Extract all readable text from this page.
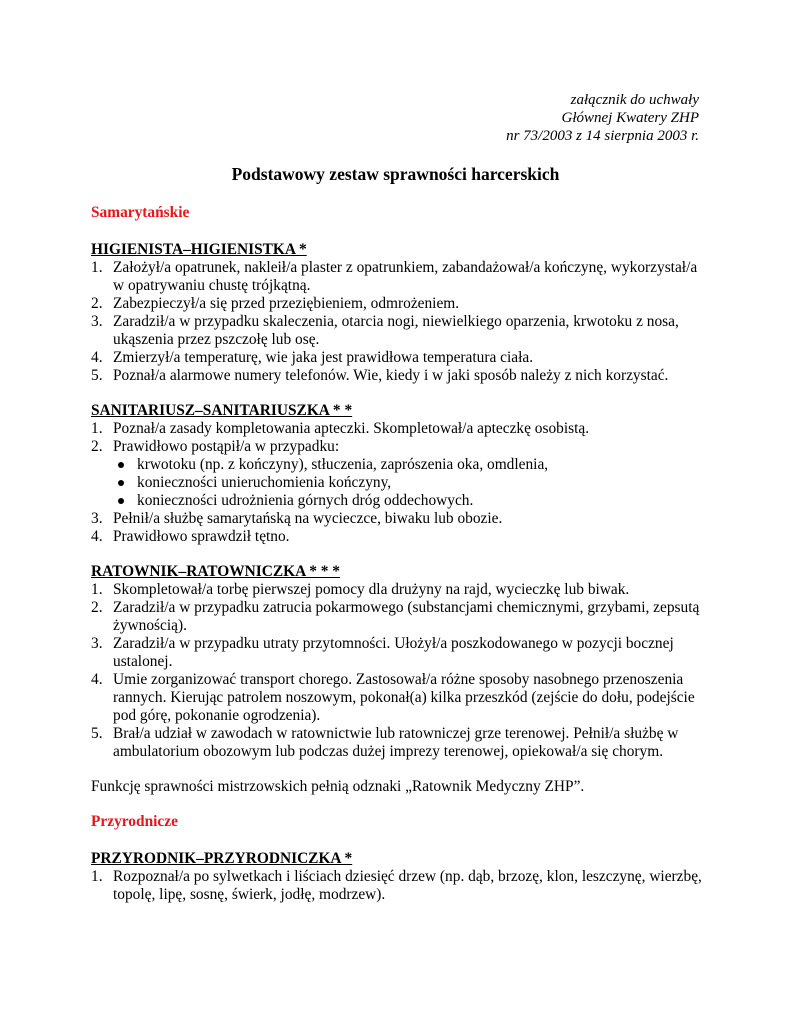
załącznik do uchwały
Głównej Kwatery ZHP
nr 73/2003 z 14 sierpnia 2003 r.
Podstawowy zestaw sprawności harcerskich

Samarytańskie

HIGIENISTA–HIGIENISTKA *

1. Założył/a opatrunek, nakleił/a plaster z opatrunkiem, zabandażował/a kończynę, wykorzystał/a w opatrywaniu chustę trójkątną.
2. Zabezpieczył/a się przed przeziębieniem, odmrożeniem.
3. Zaradził/a w przypadku skaleczenia, otarcia nogi, niewielkiego oparzenia, krwotoku z nosa, ukąszenia przez pszczołę lub osę.
4. Zmierzył/a temperaturę, wie jaka jest prawidłowa temperatura ciała.
5. Poznał/a alarmowe numery telefonów. Wie, kiedy i w jaki sposób należy z nich korzystać.

SANITARIUSZ–SANITARIUSZKA * *

1. Poznał/a zasady kompletowania apteczki. Skompletował/a apteczkę osobistą.
2. Prawidłowo postąpił/a w przypadku:
krwotoku (np. z kończyny), stłuczenia, zaprószenia oka, omdlenia,
konieczności unieruchomienia kończyny,
konieczności udrożnienia górnych dróg oddechowych.
3. Pełnił/a służbę samarytańską na wycieczce, biwaku lub obozie.
4. Prawidłowo sprawdził tętno.

RATOWNIK–RATOWNICZKA * * *

1. Skompletował/a torbę pierwszej pomocy dla drużyny na rajd, wycieczkę lub biwak.
2. Zaradził/a w przypadku zatrucia pokarmowego (substancjami chemicznymi, grzybami, zepsutą żywnością).
3. Zaradził/a w przypadku utraty przytomności. Ułożył/a poszkodowanego w pozycji bocznej ustalonej.
4. Umie zorganizować transport chorego. Zastosował/a różne sposoby nasobnego przenoszenia rannych. Kierując patrolem noszowym, pokonał(a) kilka przeszkód (zejście do dołu, podejście pod górę, pokonanie ogrodzenia).
5. Brał/a udział w zawodach w ratownictwie lub ratowniczej grze terenowej. Pełnił/a służbę w ambulatorium obozowym lub podczas dużej imprezy terenowej, opiekował/a się chorym.

Funkcję sprawności mistrzowskich pełnią odznaki „Ratownik Medyczny ZHP”.

Przyrodnicze

PRZYRODNIK–PRZYRODNICZKA *

1. Rozpoznał/a po sylwetkach i liściach dziesięć drzew (np. dąb, brzozę, klon, leszczynę, wierzbę, topolę, lipę, sosnę, świerk, jodłę, modrzew).
